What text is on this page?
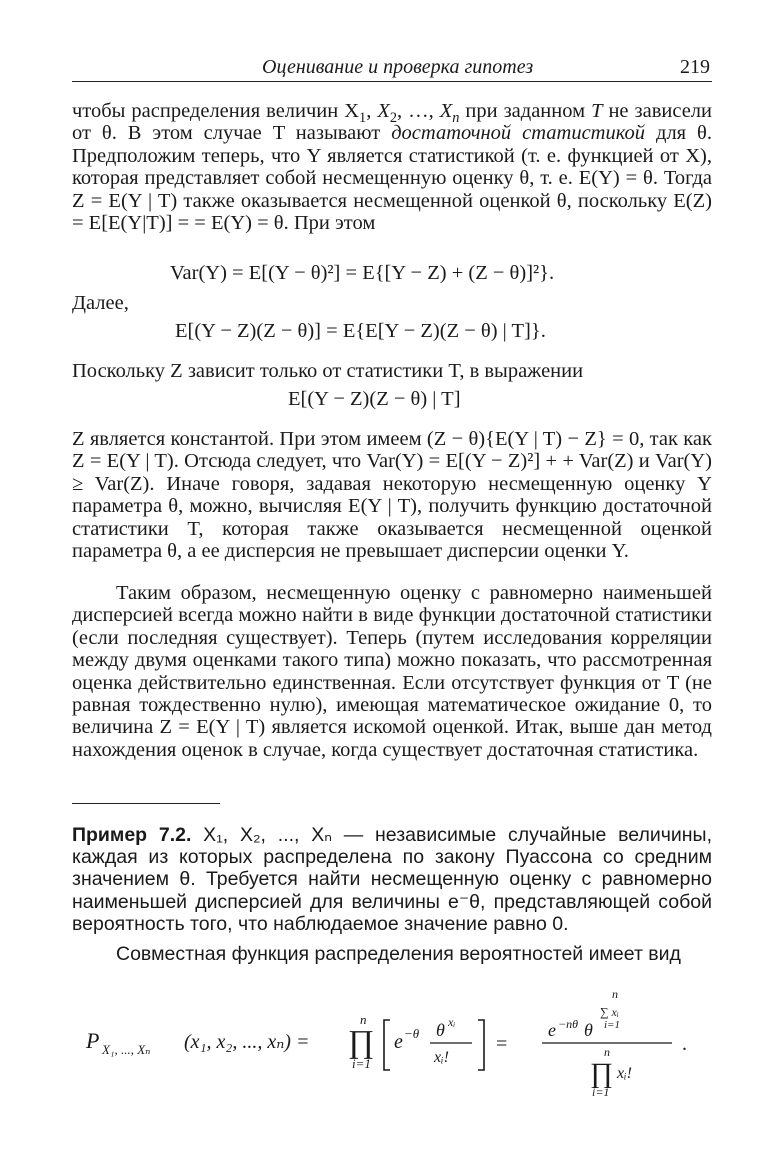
Оценивание и проверка гипотез	219

чтобы распределения величин $X_1$, $X_2$, …, $X_n$ при заданном T не зависели от θ. В этом случае T называют достаточной статистикой для θ. Предположим теперь, что Y является статистикой (т. е. функцией от X), которая представляет собой несмещенную оценку θ, т. е. E(Y) = θ. Тогда Z = E(Y | T) также оказывается несмещенной оценкой θ, поскольку E(Z) = E[E(Y|T)] = = E(Y) = θ. При этом

Var(Y) = E[(Y − θ)²] = E{[Y − Z) + (Z − θ)]²}.

Далее,

E[(Y − Z)(Z − θ)] = E{E[Y − Z)(Z − θ) | T]}.

Поскольку Z зависит только от статистики T, в выражении

E[(Y − Z)(Z − θ) | T]

Z является константой. При этом имеем (Z − θ){E(Y | T) − Z} = 0, так как Z = E(Y | T). Отсюда следует, что Var(Y) = E[(Y − Z)²] + + Var(Z) и Var(Y) ≥ Var(Z). Иначе говоря, задавая некоторую несмещенную оценку Y параметра θ, можно, вычисляя E(Y | T), получить функцию достаточной статистики T, которая также оказывается несмещенной оценкой параметра θ, а ее дисперсия не превышает дисперсии оценки Y.

Таким образом, несмещенную оценку с равномерно наименьшей дисперсией всегда можно найти в виде функции достаточной статистики (если последняя существует). Теперь (путем исследования корреляции между двумя оценками такого типа) можно показать, что рассмотренная оценка действительно единственная. Если отсутствует функция от T (не равная тождественно нулю), имеющая математическое ожидание 0, то величина Z = E(Y | T) является искомой оценкой. Итак, выше дан метод нахождения оценок в случае, когда существует достаточная статистика.

Пример 7.2. X₁, X₂, ..., Xₙ — независимые случайные величины, каждая из которых распределена по закону Пуассона со средним значением θ. Требуется найти несмещенную оценку с равномерно наименьшей дисперсией для величины e⁻θ, представляющей собой вероятность того, что наблюдаемое значение равно 0.

Совместная функция распределения вероятностей имеет вид

P X₁, ..., Xₙ (x₁, x₂, ..., xₙ) =
n
∏
i=1
e −θ θ xᵢ
xᵢ!
=
n
e −nθ θ
∑ xᵢ
i=1
n
∏ xᵢ!
i=1
.
